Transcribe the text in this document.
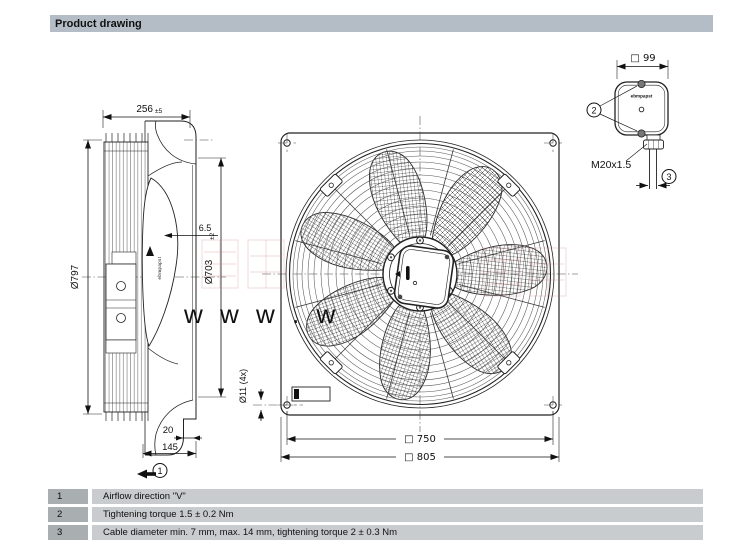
Product drawing
ebmpapst
256 ±5
Ø797	Ø703
±2
6.5
20
145
1
□ 750
□ 805
Ø11 (4x)
□ 99
ebmpapst
2
M20x1.5
3
w w w . w
1	Airflow direction "V"
2	Tightening torque 1.5 ± 0.2 Nm
3	Cable diameter min. 7 mm, max. 14 mm, tightening torque 2 ± 0.3 Nm
